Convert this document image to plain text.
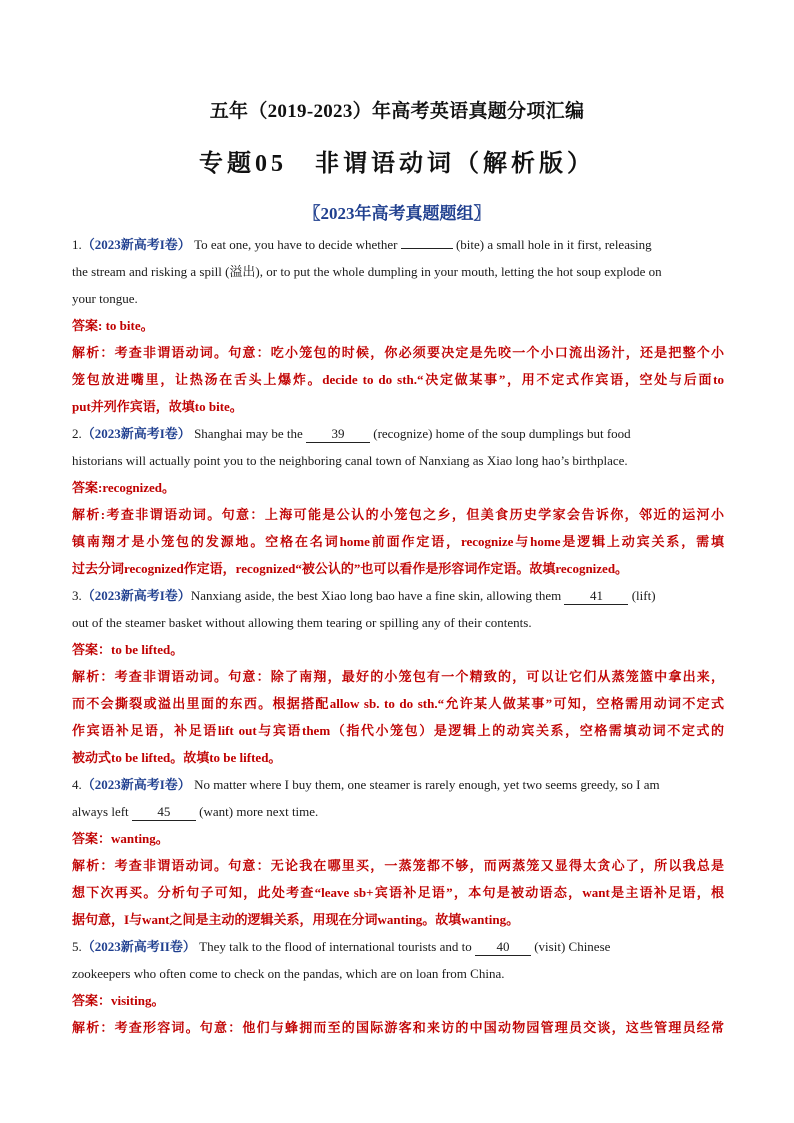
五年（2019-2023）年高考英语真题分项汇编
专题05　非谓语动词（解析版）
〖2023年高考真题题组〗
1.（2023新高考I卷） To eat one, you have to decide whether	(bite) a small hole in it first, releasing
the stream and risking a spill (溢出), or to put the whole dumpling in your mouth, letting the hot soup explode on
your tongue.
答案: to bite。
解析：考查非谓语动词。句意：吃小笼包的时候，你必须要决定是先咬一个小口流出汤汁，还是把整个小
笼包放进嘴里，让热汤在舌头上爆炸。decide to do sth.“决定做某事”，用不定式作宾语，空处与后面to
put并列作宾语，故填to bite。
2.（2023新高考I卷） Shanghai may be the 39 (recognize) home of the soup dumplings but food
historians will actually point you to the neighboring canal town of Nanxiang as Xiao long hao’s birthplace.
答案:recognized。
解析:考查非谓语动词。句意：上海可能是公认的小笼包之乡，但美食历史学家会告诉你，邻近的运河小
镇南翔才是小笼包的发源地。空格在名词home前面作定语，recognize与home是逻辑上动宾关系，需填
过去分词recognized作定语，recognized“被公认的”也可以看作是形容词作定语。故填recognized。
3.（2023新高考I卷）Nanxiang aside, the best Xiao long bao have a fine skin, allowing them 41 (lift)
out of the steamer basket without allowing them tearing or spilling any of their contents.
答案：to be lifted。
解析：考查非谓语动词。句意：除了南翔，最好的小笼包有一个精致的，可以让它们从蒸笼篮中拿出来，
而不会撕裂或溢出里面的东西。根据搭配allow sb. to do sth.“允许某人做某事”可知，空格需用动词不定式
作宾语补足语，补足语lift out与宾语them（指代小笼包）是逻辑上的动宾关系，空格需填动词不定式的
被动式to be lifted。故填to be lifted。
4.（2023新高考I卷） No matter where I buy them, one steamer is rarely enough, yet two seems greedy, so I am
always left 45 (want) more next time.
答案：wanting。
解析：考查非谓语动词。句意：无论我在哪里买，一蒸笼都不够，而两蒸笼又显得太贪心了，所以我总是
想下次再买。分析句子可知，此处考查“leave sb+宾语补足语”，本句是被动语态，want是主语补足语，根
据句意，I与want之间是主动的逻辑关系，用现在分词wanting。故填wanting。
5.（2023新高考II卷） They talk to the flood of international tourists and to 40 (visit) Chinese
zookeepers who often come to check on the pandas, which are on loan from China.
答案：visiting。
解析：考查形容词。句意：他们与蜂拥而至的国际游客和来访的中国动物园管理员交谈，这些管理员经常
